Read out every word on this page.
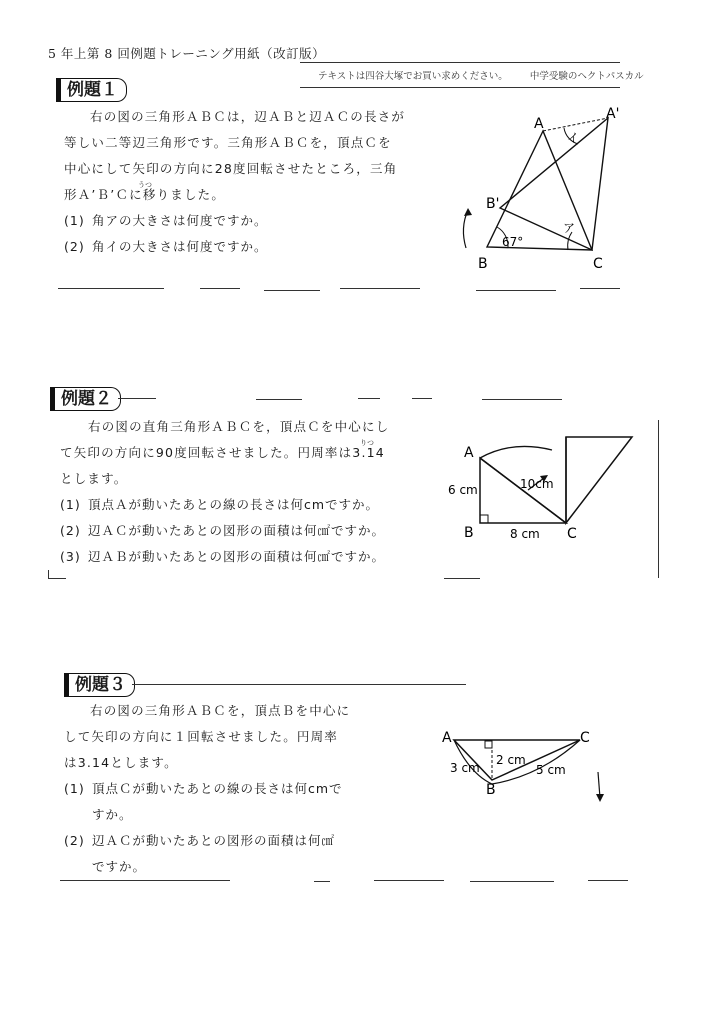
5 年上第 8 回例題トレーニング用紙（改訂版）
テキストは四谷大塚でお買い求めください。 中学受験のヘクトパスカル
例題１
右の図の三角形ＡＢＣは，辺ＡＢと辺ＡＣの長さが
等しい二等辺三角形です。三角形ＡＢＣを，頂点Ｃを
中心にして矢印の方向に28度回転させたところ，三角
うつ
形Ａ’Ｂ’Ｃに移りました。
(1) 角アの大きさは何度ですか。
(2) 角イの大きさは何度ですか。
A
A'
B
B'
C
ア
イ
67°
例題２
右の図の直角三角形ＡＢＣを，頂点Ｃを中心にし
りつ
て矢印の方向に90度回転させました。円周率は3.14
とします。
(1) 頂点Ａが動いたあとの線の長さは何cmですか。
(2) 辺ＡＣが動いたあとの図形の面積は何㎠ですか。
(3) 辺ＡＢが動いたあとの図形の面積は何㎠ですか。
A
B	C
6 cm
8 cm
10cm
例題３
右の図の三角形ＡＢＣを，頂点Ｂを中心に
して矢印の方向に１回転させました。円周率
は3.14とします。
(1) 頂点Ｃが動いたあとの線の長さは何cmで
すか。
(2) 辺ＡＣが動いたあとの図形の面積は何㎠
ですか。
A
B
C
3 cm	5 cm
2 cm
